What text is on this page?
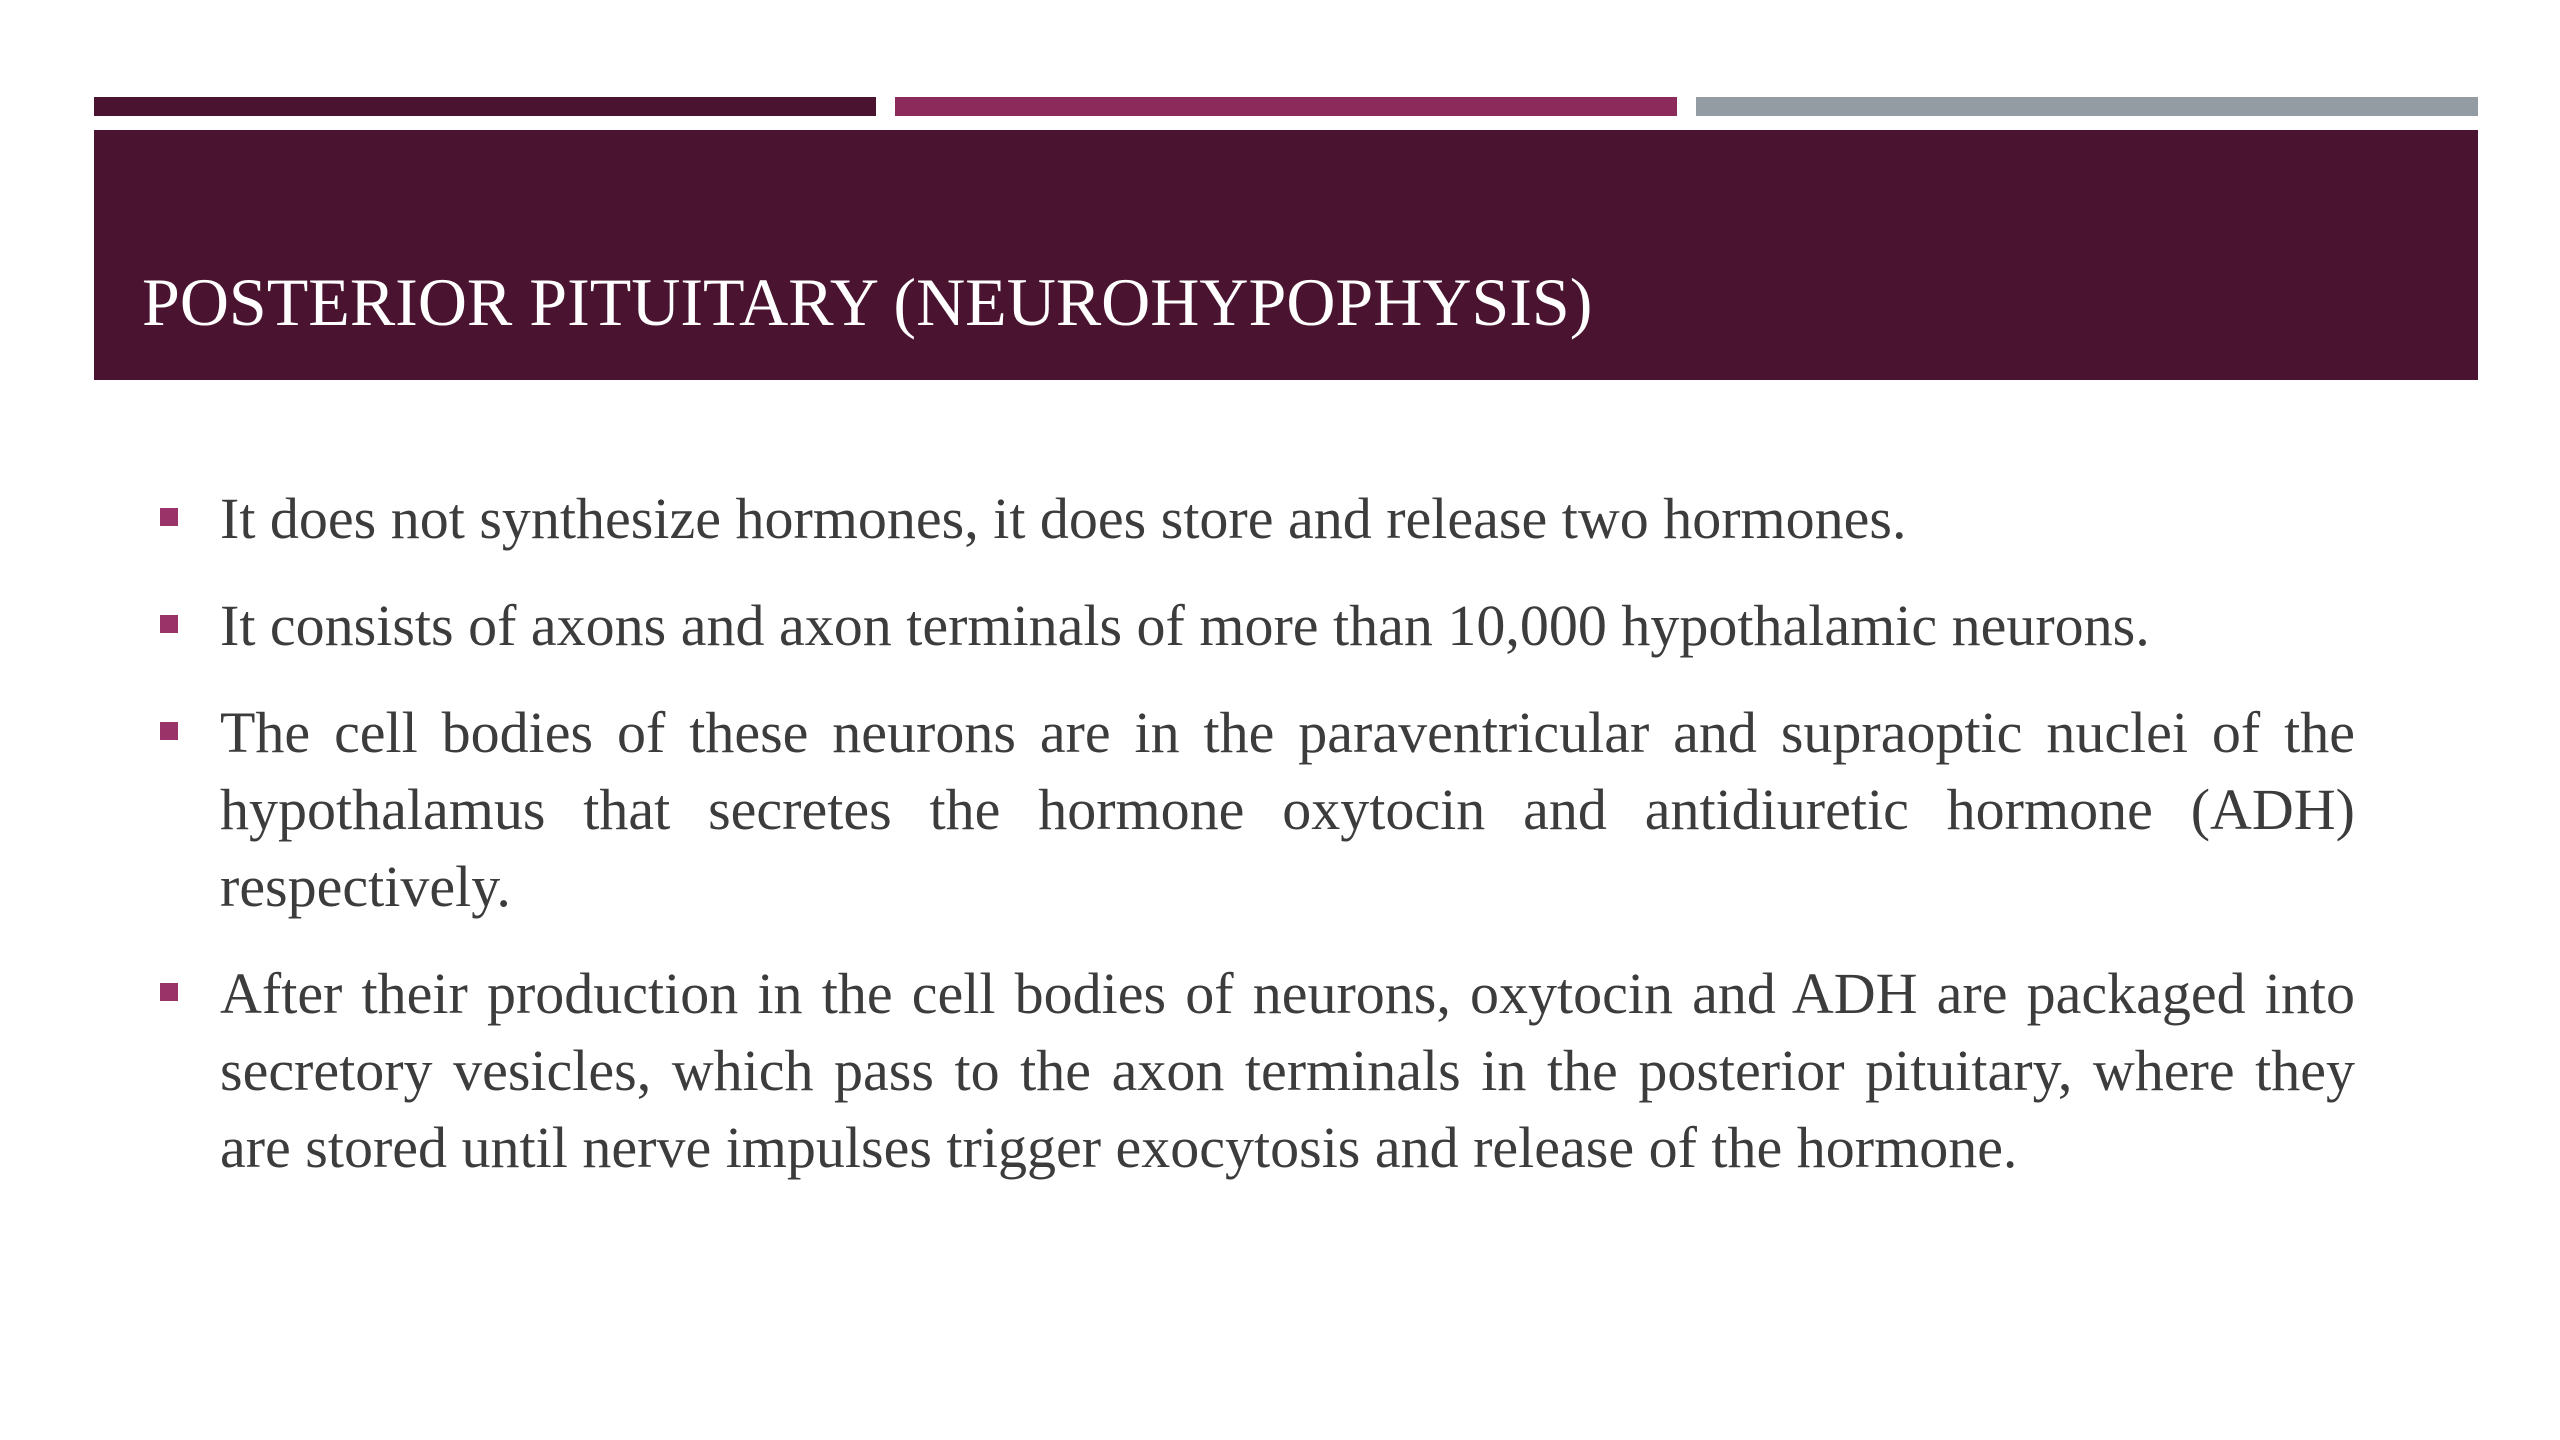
POSTERIOR PITUITARY (NEUROHYPOPHYSIS)
It does not synthesize hormones, it does store and release two hormones.
It consists of axons and axon terminals of more than 10,000 hypothalamic neurons.
The cell bodies of these neurons are in the paraventricular and supraoptic nuclei of the hypothalamus that secretes the hormone oxytocin and antidiuretic hormone (ADH) respectively.
After their production in the cell bodies of neurons, oxytocin and ADH are packaged into secretory vesicles, which pass to the axon terminals in the posterior pituitary, where they are stored until nerve impulses trigger exocytosis and release of the hormone.
